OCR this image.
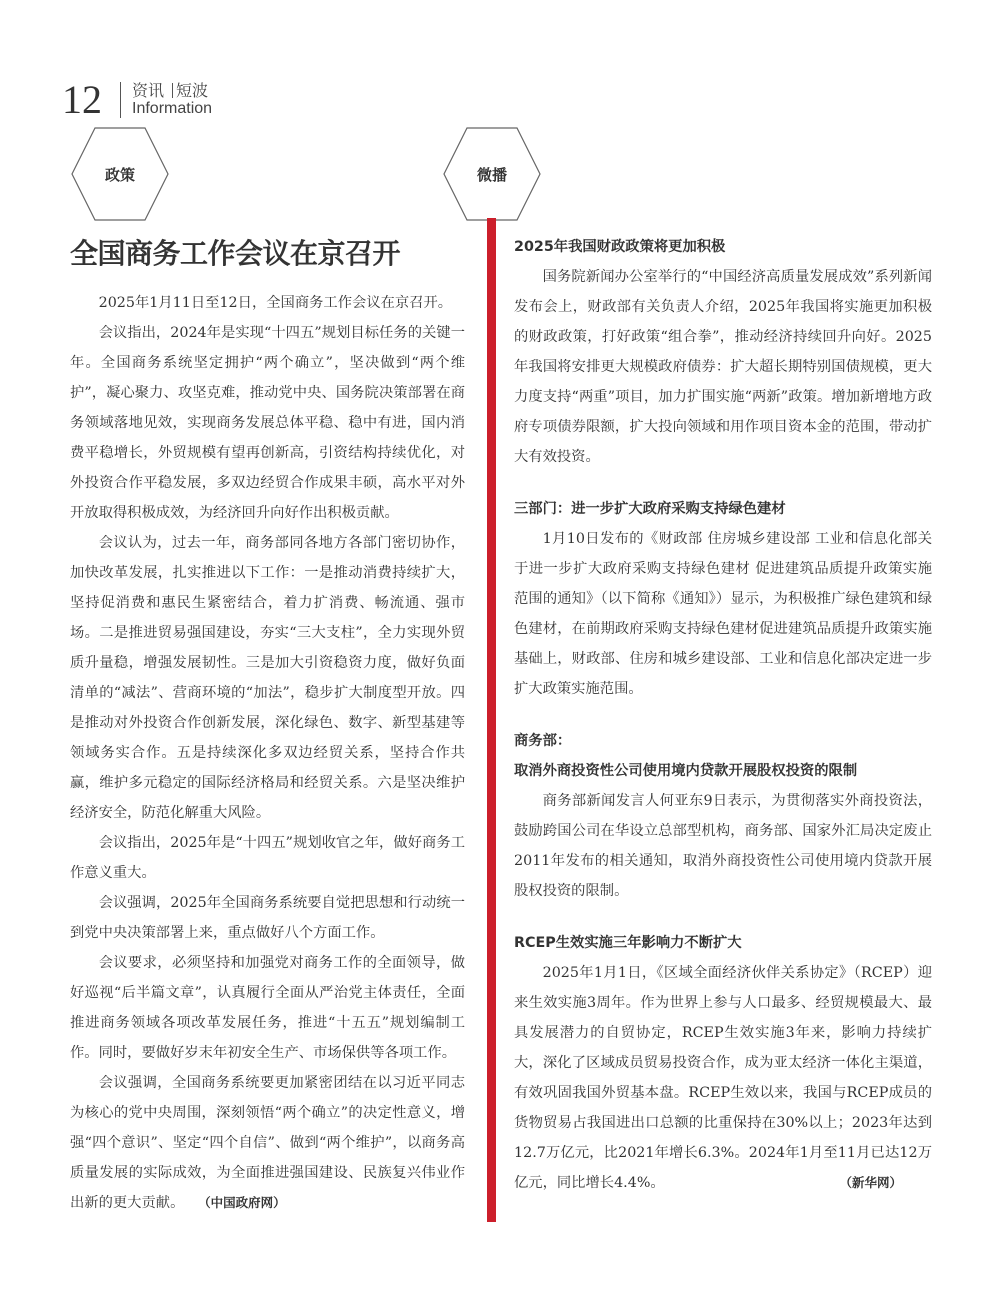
12 资讯 短波
Information
政策	微播
全国商务工作会议在京召开

2025年1月11日至12日，全国商务工作会议在京召开。

会议指出，2024年是实现“十四五”规划目标任务的关键一年。全国商务系统坚定拥护“两个确立”，坚决做到“两个维护”，凝心聚力、攻坚克难，推动党中央、国务院决策部署在商务领域落地见效，实现商务发展总体平稳、稳中有进，国内消费平稳增长，外贸规模有望再创新高，引资结构持续优化，对外投资合作平稳发展，多双边经贸合作成果丰硕，高水平对外开放取得积极成效，为经济回升向好作出积极贡献。

会议认为，过去一年，商务部同各地方各部门密切协作，加快改革发展，扎实推进以下工作：一是推动消费持续扩大，坚持促消费和惠民生紧密结合，着力扩消费、畅流通、强市场。二是推进贸易强国建设，夯实“三大支柱”，全力实现外贸质升量稳，增强发展韧性。三是加大引资稳资力度，做好负面清单的“减法”、营商环境的“加法”，稳步扩大制度型开放。四是推动对外投资合作创新发展，深化绿色、数字、新型基建等领域务实合作。五是持续深化多双边经贸关系，坚持合作共赢，维护多元稳定的国际经济格局和经贸关系。六是坚决维护经济安全，防范化解重大风险。

会议指出，2025年是“十四五”规划收官之年，做好商务工作意义重大。

会议强调，2025年全国商务系统要自觉把思想和行动统一到党中央决策部署上来，重点做好八个方面工作。

会议要求，必须坚持和加强党对商务工作的全面领导，做好巡视“后半篇文章”，认真履行全面从严治党主体责任，全面推进商务领域各项改革发展任务，推进“十五五”规划编制工作。同时，要做好岁末年初安全生产、市场保供等各项工作。

会议强调，全国商务系统要更加紧密团结在以习近平同志为核心的党中央周围，深刻领悟“两个确立”的决定性意义，增强“四个意识”、坚定“四个自信”、做到“两个维护”，以商务高质量发展的实际成效，为全面推进强国建设、民族复兴伟业作出新的更大贡献。 （中国政府网）

2025年我国财政政策将更加积极

国务院新闻办公室举行的“中国经济高质量发展成效”系列新闻发布会上，财政部有关负责人介绍，2025年我国将实施更加积极的财政政策，打好政策“组合拳”，推动经济持续回升向好。2025年我国将安排更大规模政府债券：扩大超长期特别国债规模，更大力度支持“两重”项目，加力扩围实施“两新”政策。增加新增地方政府专项债券限额，扩大投向领域和用作项目资本金的范围，带动扩大有效投资。

三部门：进一步扩大政府采购支持绿色建材

1月10日发布的《财政部 住房城乡建设部 工业和信息化部关于进一步扩大政府采购支持绿色建材 促进建筑品质提升政策实施范围的通知》（以下简称《通知》）显示，为积极推广绿色建筑和绿色建材，在前期政府采购支持绿色建材促进建筑品质提升政策实施基础上，财政部、住房和城乡建设部、工业和信息化部决定进一步扩大政策实施范围。

商务部：
取消外商投资性公司使用境内贷款开展股权投资的限制

商务部新闻发言人何亚东9日表示，为贯彻落实外商投资法，鼓励跨国公司在华设立总部型机构，商务部、国家外汇局决定废止2011年发布的相关通知，取消外商投资性公司使用境内贷款开展股权投资的限制。

RCEP生效实施三年影响力不断扩大

2025年1月1日，《区域全面经济伙伴关系协定》（RCEP）迎来生效实施3周年。作为世界上参与人口最多、经贸规模最大、最具发展潜力的自贸协定，RCEP生效实施3年来，影响力持续扩大，深化了区域成员贸易投资合作，成为亚太经济一体化主渠道，有效巩固我国外贸基本盘。RCEP生效以来，我国与RCEP成员的货物贸易占我国进出口总额的比重保持在30%以上；2023年达到12.7万亿元，比2021年增长6.3%。2024年1月至11月已达12万亿元，同比增长4.4%。	（新华网）
